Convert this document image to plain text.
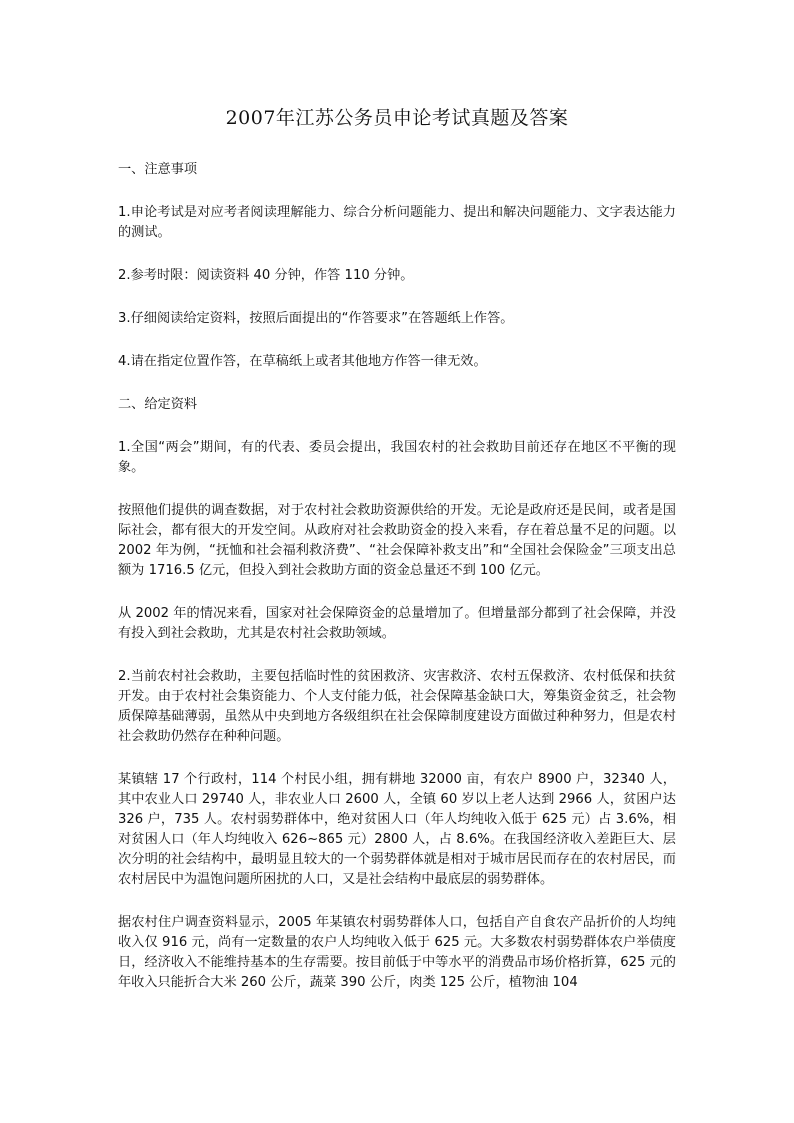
2007年江苏公务员申论考试真题及答案

一、注意事项

1.申论考试是对应考者阅读理解能力、综合分析问题能力、提出和解决问题能力、文字表达能力的测试。

2.参考时限：阅读资料 40 分钟，作答 110 分钟。

3.仔细阅读给定资料，按照后面提出的“作答要求”在答题纸上作答。

4.请在指定位置作答，在草稿纸上或者其他地方作答一律无效。

二、给定资料

1.全国“两会”期间，有的代表、委员会提出，我国农村的社会救助目前还存在地区不平衡的现象。

按照他们提供的调查数据，对于农村社会救助资源供给的开发。无论是政府还是民间，或者是国际社会，都有很大的开发空间。从政府对社会救助资金的投入来看，存在着总量不足的问题。以 2002 年为例，“抚恤和社会福利救济费”、“社会保障补救支出”和“全国社会保险金”三项支出总额为 1716.5 亿元，但投入到社会救助方面的资金总量还不到 100 亿元。

从 2002 年的情况来看，国家对社会保障资金的总量增加了。但增量部分都到了社会保障，并没有投入到社会救助，尤其是农村社会救助领域。

2.当前农村社会救助，主要包括临时性的贫困救济、灾害救济、农村五保救济、农村低保和扶贫开发。由于农村社会集资能力、个人支付能力低，社会保障基金缺口大，筹集资金贫乏，社会物质保障基础薄弱，虽然从中央到地方各级组织在社会保障制度建设方面做过种种努力，但是农村社会救助仍然存在种种问题。

某镇辖 17 个行政村，114 个村民小组，拥有耕地 32000 亩，有农户 8900 户，32340 人，其中农业人口 29740 人，非农业人口 2600 人，全镇 60 岁以上老人达到 2966 人，贫困户达 326 户，735 人。农村弱势群体中，绝对贫困人口（年人均纯收入低于 625 元）占 3.6%，相对贫困人口（年人均纯收入 626~865 元）2800 人，占 8.6%。在我国经济收入差距巨大、层次分明的社会结构中，最明显且较大的一个弱势群体就是相对于城市居民而存在的农村居民，而农村居民中为温饱问题所困扰的人口，又是社会结构中最底层的弱势群体。

据农村住户调查资料显示，2005 年某镇农村弱势群体人口，包括自产自食农产品折价的人均纯收入仅 916 元，尚有一定数量的农户人均纯收入低于 625 元。大多数农村弱势群体农户举债度日，经济收入不能维持基本的生存需要。按目前低于中等水平的消费品市场价格折算，625 元的年收入只能折合大米 260 公斤，蔬菜 390 公斤，肉类 125 公斤，植物油 104
